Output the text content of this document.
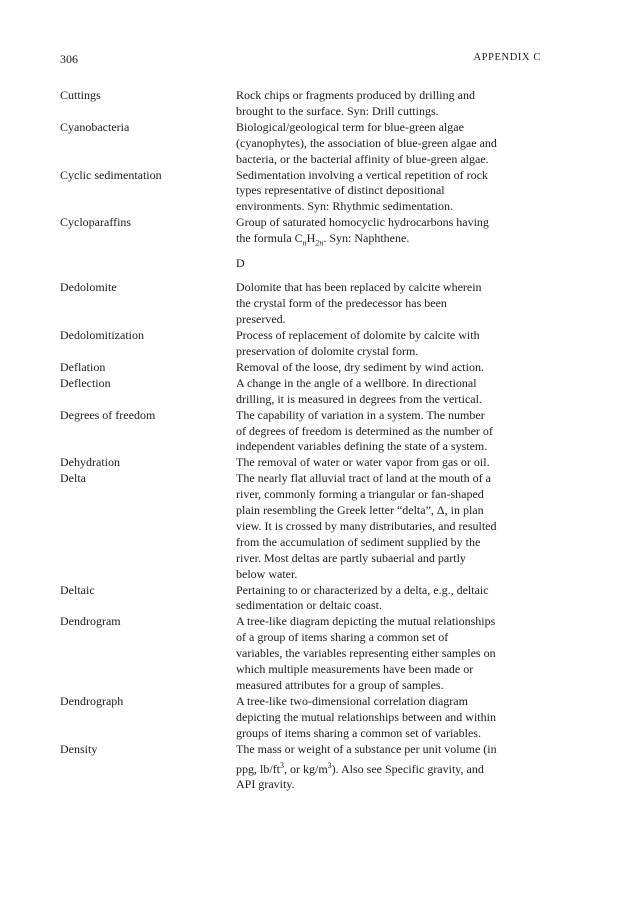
306	APPENDIX C
Cuttings	Rock chips or fragments produced by drilling and
brought to the surface. Syn: Drill cuttings.
Cyanobacteria	Biological/geological term for blue-green algae
(cyanophytes), the association of blue-green algae and
bacteria, or the bacterial affinity of blue-green algae.
Cyclic sedimentation	Sedimentation involving a vertical repetition of rock
types representative of distinct depositional
environments. Syn: Rhythmic sedimentation.
Cycloparaffins	Group of saturated homocyclic hydrocarbons having
the formula $C_nH_{2n}$. Syn: Naphthene.
D
Dedolomite	Dolomite that has been replaced by calcite wherein
the crystal form of the predecessor has been
preserved.
Dedolomitization	Process of replacement of dolomite by calcite with
preservation of dolomite crystal form.
Deflation	Removal of the loose, dry sediment by wind action.
Deflection	A change in the angle of a wellbore. In directional
drilling, it is measured in degrees from the vertical.
Degrees of freedom	The capability of variation in a system. The number
of degrees of freedom is determined as the number of
independent variables defining the state of a system.
Dehydration	The removal of water or water vapor from gas or oil.
Delta	The nearly flat alluvial tract of land at the mouth of a
river, commonly forming a triangular or fan-shaped
plain resembling the Greek letter “delta”, Δ, in plan
view. It is crossed by many distributaries, and resulted
from the accumulation of sediment supplied by the
river. Most deltas are partly subaerial and partly
below water.
Deltaic	Pertaining to or characterized by a delta, e.g., deltaic
sedimentation or deltaic coast.
Dendrogram	A tree-like diagram depicting the mutual relationships
of a group of items sharing a common set of
variables, the variables representing either samples on
which multiple measurements have been made or
measured attributes for a group of samples.
Dendrograph	A tree-like two-dimensional correlation diagram
depicting the mutual relationships between and within
groups of items sharing a common set of variables.
Density	The mass or weight of a substance per unit volume (in
ppg, $lb/ft^3$, or $kg/m^3$). Also see Specific gravity, and
API gravity.
